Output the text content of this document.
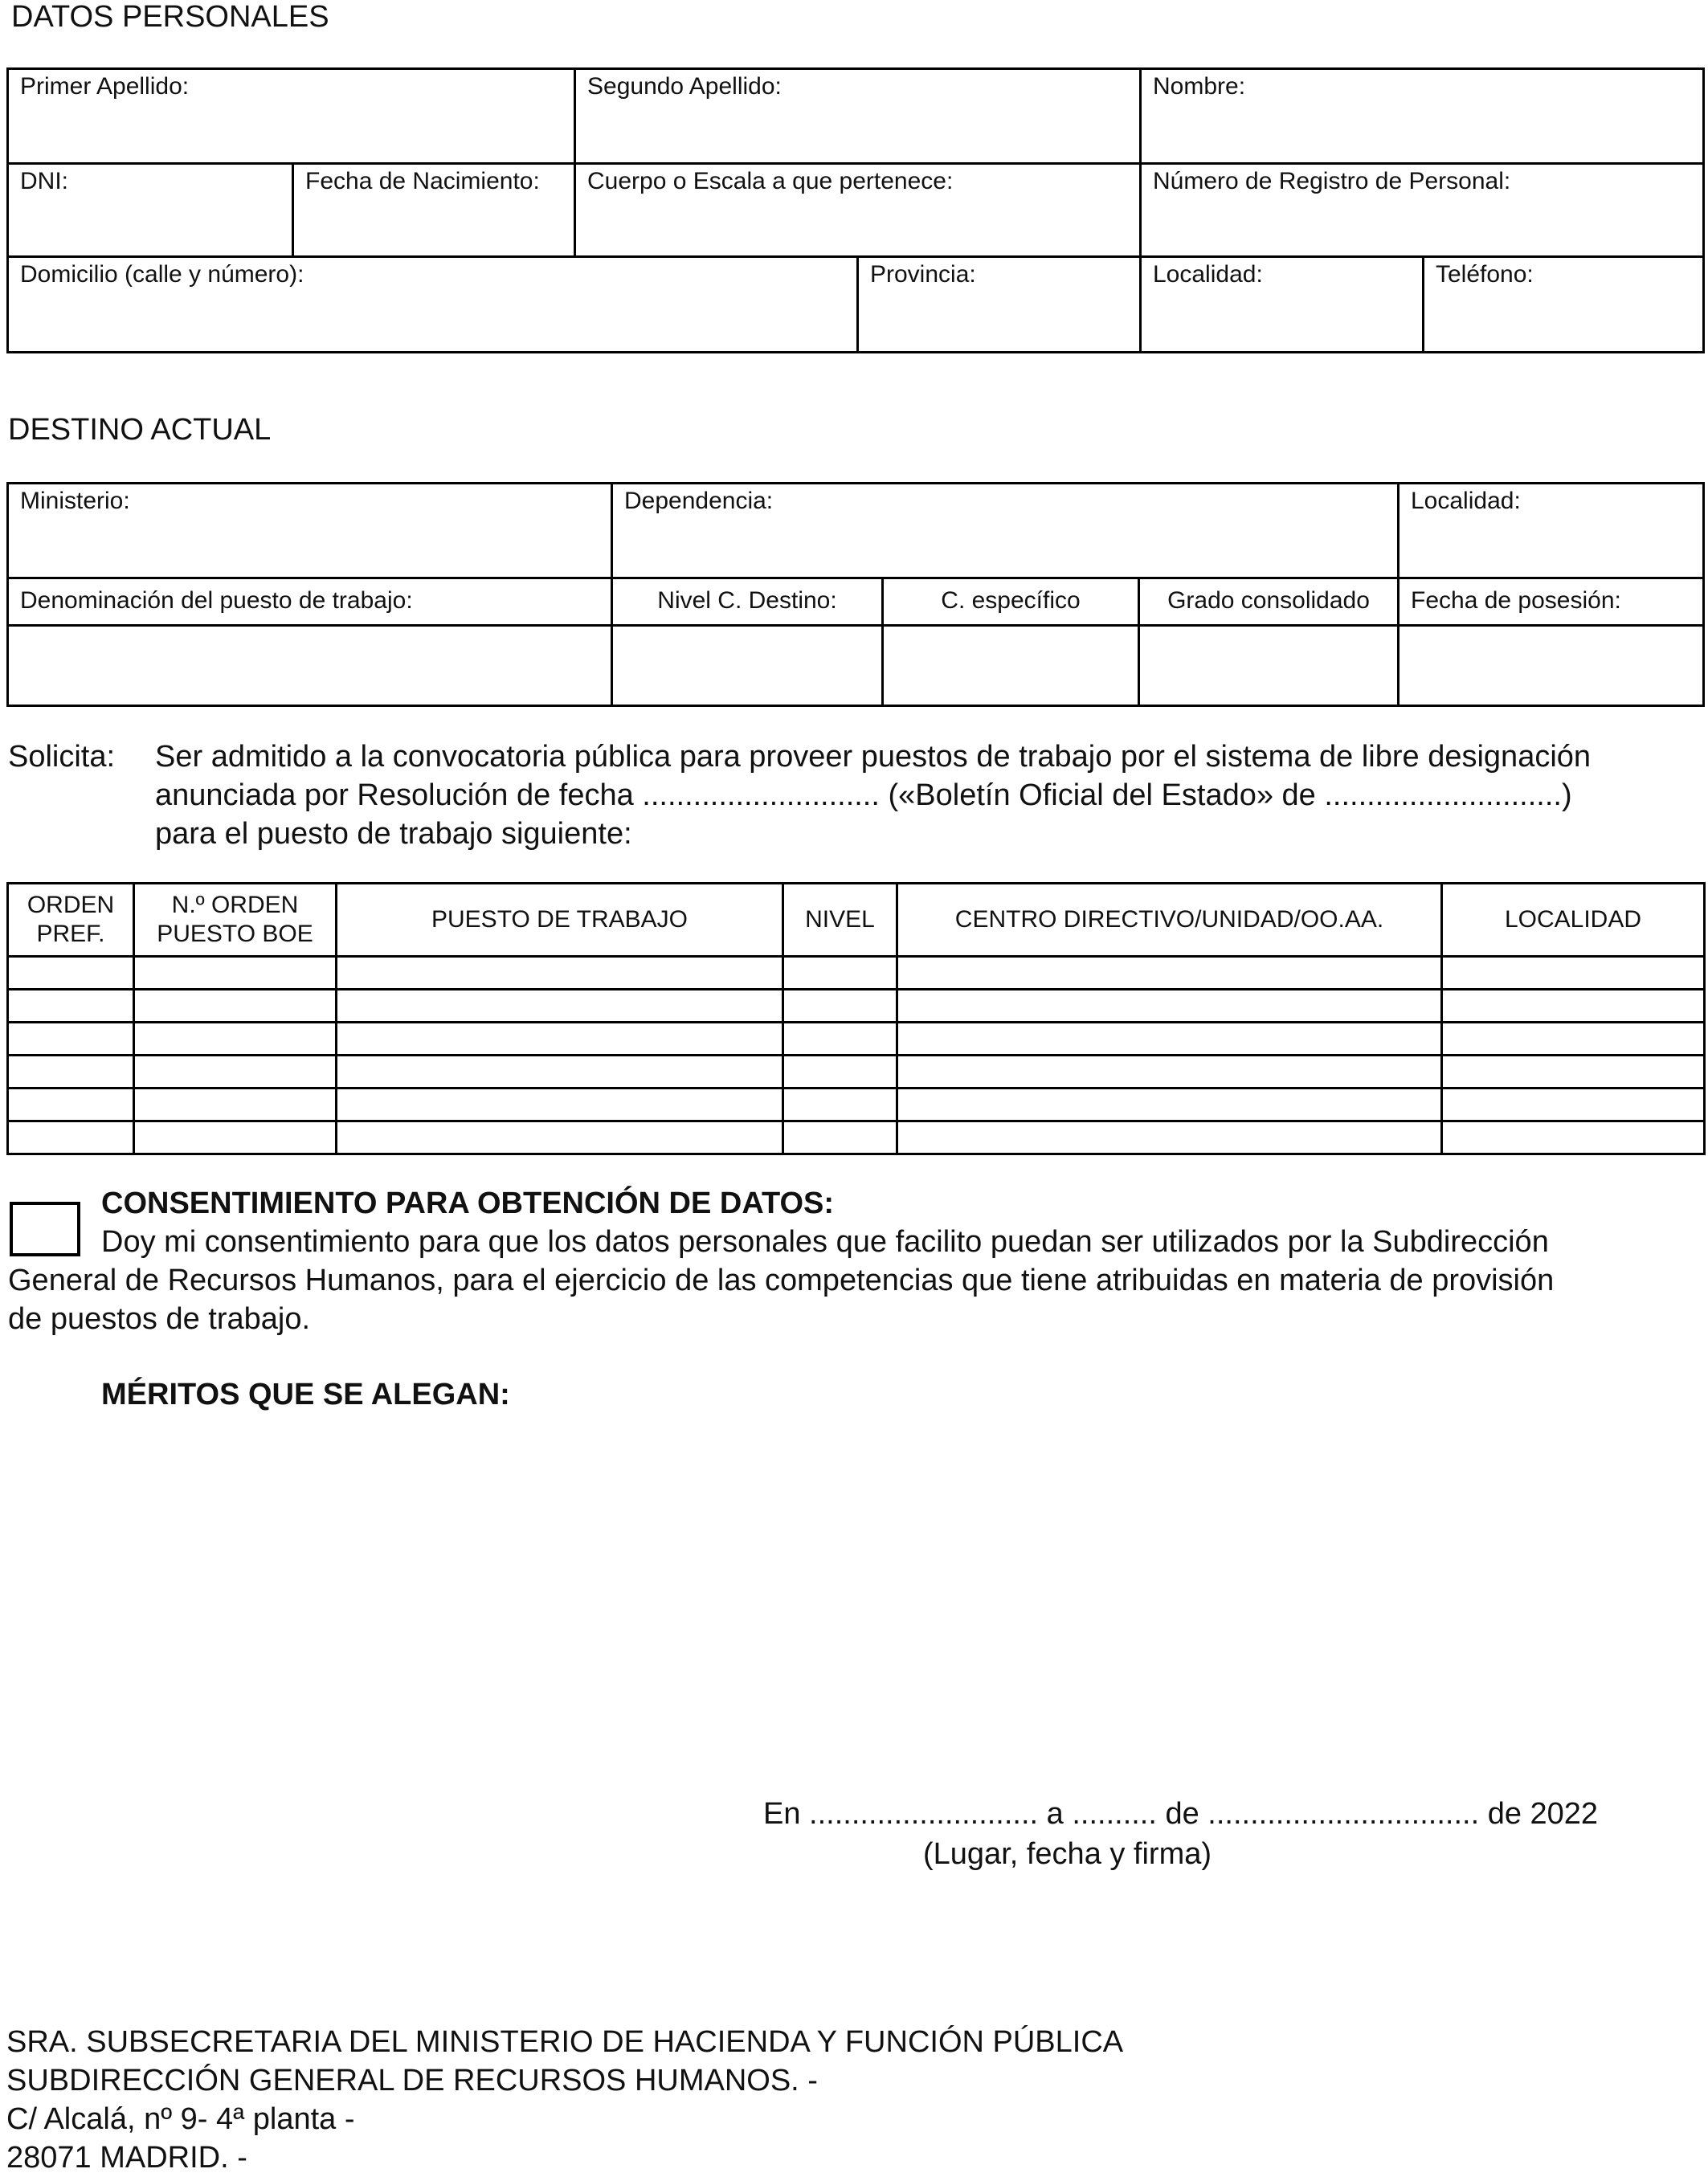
DATOS PERSONALES
Primer Apellido:	Segundo Apellido:	Nombre:
DNI:	Fecha de Nacimiento:	Cuerpo o Escala a que pertenece:	Número de Registro de Personal:
Domicilio (calle y número):	Provincia:	Localidad:	Teléfono:
DESTINO ACTUAL
Ministerio:	Dependencia:	Localidad:
Denominación del puesto de trabajo:	Nivel C. Destino:	C. específico	Grado consolidado	Fecha de posesión:
Solicita: Ser admitido a la convocatoria pública para proveer puestos de trabajo por el sistema de libre designación
anunciada por Resolución de fecha ............................ («Boletín Oficial del Estado» de ............................)
para el puesto de trabajo siguiente:
ORDEN PREF.	N.º ORDEN PUESTO BOE	PUESTO DE TRABAJO	NIVEL	CENTRO DIRECTIVO/UNIDAD/OO.AA.	LOCALIDAD

CONSENTIMIENTO PARA OBTENCIÓN DE DATOS:
Doy mi consentimiento para que los datos personales que facilito puedan ser utilizados por la Subdirección
General de Recursos Humanos, para el ejercicio de las competencias que tiene atribuidas en materia de provisión
de puestos de trabajo.
MÉRITOS QUE SE ALEGAN:
En ........................... a .......... de ................................ de 2022
(Lugar, fecha y firma)
SRA. SUBSECRETARIA DEL MINISTERIO DE HACIENDA Y FUNCIÓN PÚBLICA
SUBDIRECCIÓN GENERAL DE RECURSOS HUMANOS. -
C/ Alcalá, nº 9- 4ª planta -
28071 MADRID. -
